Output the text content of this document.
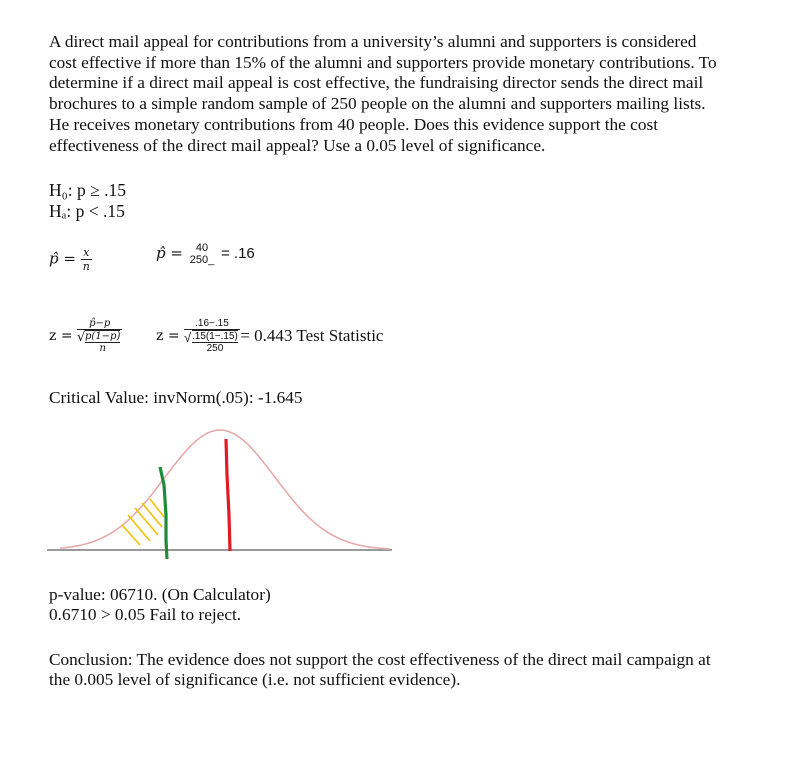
A direct mail appeal for contributions from a university’s alumni and supporters is considered
cost effective if more than 15% of the alumni and supporters provide monetary contributions. To
determine if a direct mail appeal is cost effective, the fundraising director sends the direct mail
brochures to a simple random sample of 250 people on the alumni and supporters mailing lists.
He receives monetary contributions from 40 people. Does this evidence support the cost
effectiveness of the direct mail appeal? Use a 0.05 level of significance.
H₀: p ≥ .15
Hₐ: p < .15
p̂ = $\frac{x}{n}$	p̂ =	40
250_ = .16
z = p̂−p
√ p(1−p)
n z = .16−.15
√ .15(1−.15)
250 = 0.443 Test Statistic
Critical Value: invNorm(.05): -1.645
p-value: 06710. (On Calculator)
0.6710 > 0.05 Fail to reject.
Conclusion: The evidence does not support the cost effectiveness of the direct mail campaign at
the 0.005 level of significance (i.e. not sufficient evidence).
